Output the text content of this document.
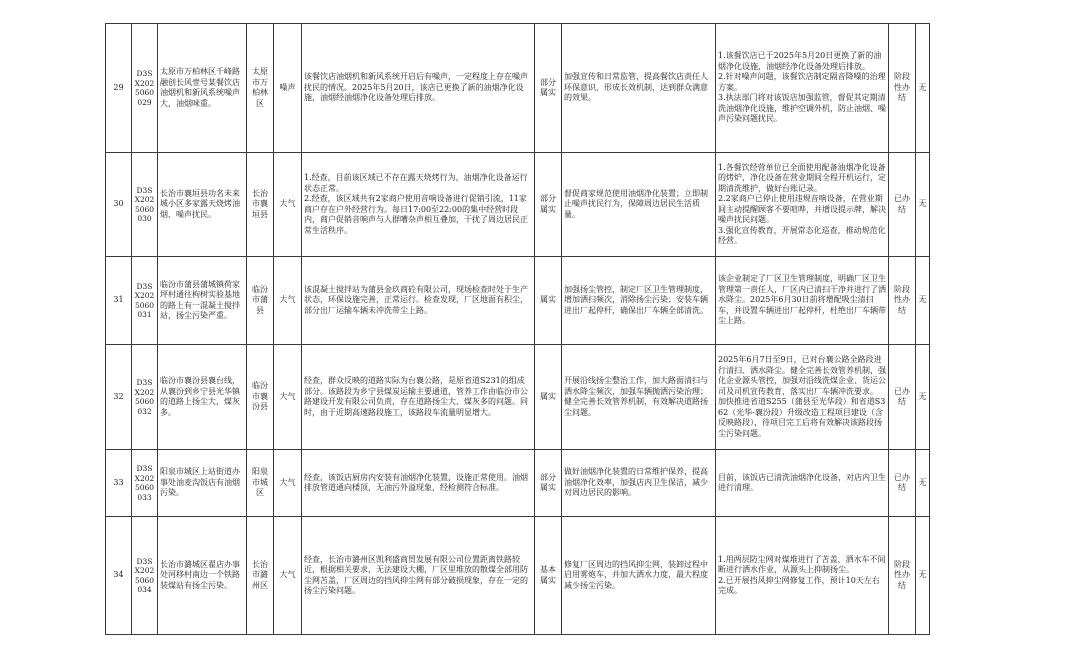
29	D3SX2025060029	太原市万柏林区千峰路融创长风壹号某餐饮店油烟机和新风系统噪声大，油烟味重。	太原市万柏林区	噪声	该餐饮店油烟机和新风系统开启后有噪声，一定程度上存在噪声扰民的情况。2025年5月20日，该店已更换了新的油烟净化设施，油烟经油烟净化设备处理后排放。	部分属实	加强宣传和日常监管，提高餐饮店责任人环保意识，形成长效机制，达到群众满意的效果。	1.该餐饮店已于2025年5月20日更换了新的油烟净化设施，油烟经净化设备处理后排放。
2.针对噪声问题，该餐饮店制定隔音降噪的治理方案。
3.执法部门将对该饭店加强监管，督促其定期清洗油烟净化设施，维护空调外机，防止油烟、噪声污染问题扰民。	阶段性办结	无
30	D3SX2025060030	长治市襄垣县功名未来城小区多家露天烧烤油烟、噪声扰民。	长治市襄垣县	大气	1.经查，目前该区域已不存在露天烧烤行为，油烟净化设备运行状态正常。
2.经查，该区域共有2家商户使用音响设备进行促销引流，11家商户存在户外经营行为。每日17:00至22:00的集中经营时段内，商户促销音响声与人群嘈杂声相互叠加，干扰了周边居民正常生活秩序。	部分属实	督促商家规范使用油烟净化装置；立即制止噪声扰民行为，保障周边居民生活质量。	1.各餐饮经营单位已全面使用配备油烟净化设备的烤炉，净化设备在营业期间全程开机运行，定期清洗维护，做好台账记录。
2.2家商户已停止使用违规音响设备，在营业期间主动提醒顾客不要喧哗，并增设提示牌，解决噪声扰民问题。
3.强化宣传教育，开展常态化巡查，推动规范化经营。	已办结	无
31	D3SX2025060031	临汾市蒲县蒲城镇荷家坪村通往枸树实验基地的路上有一混凝土搅拌站，扬尘污染严重。	临汾市蒲县	大气	该混凝土搅拌站为蒲县金玖商砼有限公司，现场检查时处于生产状态，环保设施完善，正常运行。检查发现，厂区地面有积尘，部分出厂运输车辆未冲洗带尘上路。	属实	加强扬尘管控，制定厂区卫生管理制度，增加洒扫频次，消除扬尘污染；安装车辆进出厂起停杆，确保出厂车辆全部清洗。	该企业制定了厂区卫生管理制度，明确厂区卫生管理第一责任人，厂区内已清扫干净并进行了洒水降尘。2025年6月30日前将增配吸尘清扫车，并设置车辆进出厂起停杆，杜绝出厂车辆带尘上路。	阶段性办结	无
32	D3SX2025060032	临汾市襄汾县襄台线，从襄汾到乡宁县光华镇的道路上扬尘大，煤灰多。	临汾市襄汾县	大气	经查，群众反映的道路实际为台襄公路，是原省道S231的组成部分。该路段为乡宁县煤炭运输主要通道，管养工作由临汾市公路建设开发有限公司负责，存在道路扬尘大、煤灰多的问题。同时，由于近期高速路段施工，该路段车流量明显增大。	属实	开展沿线扬尘整治工作，加大路面清扫与洒水降尘频次，加强车辆抛洒污染治理；健全完善长效管养机制，有效解决道路扬尘问题。	2025年6月7日至9日，已对台襄公路全路段进行清扫、洒水降尘。健全完善长效管养机制，强化企业源头管控，加强对沿线洗煤企业、货运公司及司机宣传教育，落实出厂车辆冲洗要求。
加快推进省道S255（蒲县至光华段）和省道S362（光华-襄汾段）升级改造工程项目建设（含反映路段），待项目完工后将有效解决该路段扬尘污染问题。	已办结	无
33	D3SX2025060033	阳泉市城区上站街道办事处油麦沟饭店有油烟污染。	阳泉市城区	大气	经查，该饭店厨房内安装有油烟净化装置，设施正常使用。油烟排放管道通向楼顶，无油污外溢现象，经检测符合标准。	部分属实	做好油烟净化装置的日常维护保养，提高油烟净化效率，加强店内卫生保洁，减少对周边居民的影响。	目前，该饭店已清洗油烟净化设备，对店内卫生进行清理。	已办结	无
34	D3SX2025060034	长治市潞城区翟店办事处河移村南边一个铁路装煤站有扬尘污染。	长治市潞州区	大气	经查，长治市潞州区凯利盛商贸发展有限公司位置距离铁路较近，根据相关要求，无法建设大棚，厂区里堆放的散煤全部用防尘网苫盖，厂区周边的挡风抑尘网有部分破损现象，存在一定的扬尘污染问题。	基本属实	修复厂区周边的挡风抑尘网，装卸过程中启用雾炮车，并加大洒水力度，最大程度减少扬尘污染。	1.用两层防尘网对煤堆进行了苫盖，洒水车不间断进行洒水作业，从源头上抑制扬尘。
2.已开展挡风抑尘网修复工作，预计10天左右完成。	阶段性办结	无
